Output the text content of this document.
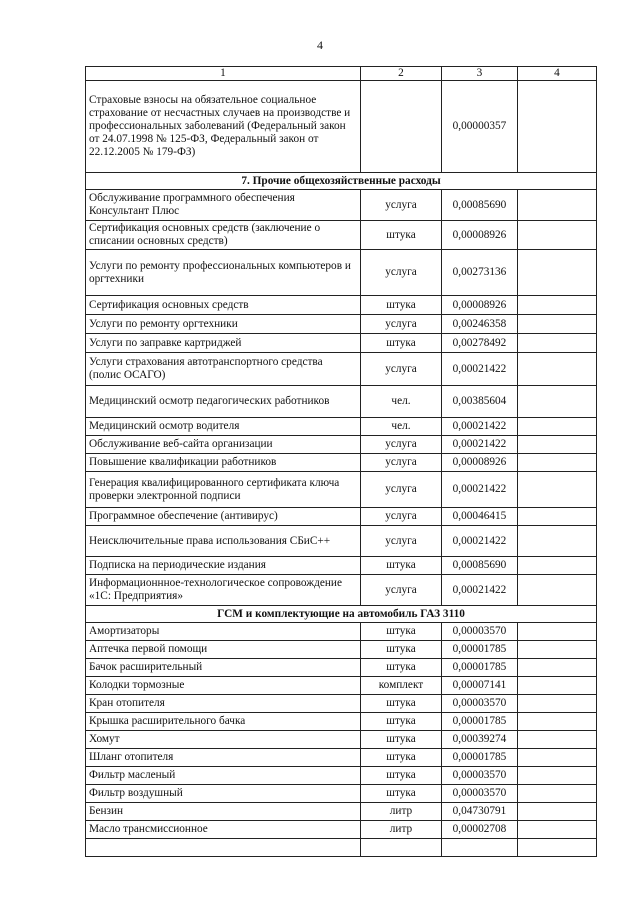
4
1	2	3	4
Страховые взносы на обязательное социальное страхование от несчастных случаев на производстве и профессиональных заболеваний (Федеральный закон от 24.07.1998 № 125-ФЗ, Федеральный закон от 22.12.2005 № 179-ФЗ)		0,00000357	
7. Прочие общехозяйственные расходы			
Обслуживание программного обеспечения Консультант Плюс	услуга	0,00085690	
Сертификация основных средств (заключение о списании основных средств)	штука	0,00008926	
Услуги по ремонту профессиональных компьютеров и оргтехники	услуга	0,00273136	
Сертификация основных средств	штука	0,00008926	
Услуги по ремонту оргтехники	услуга	0,00246358	
Услуги по заправке картриджей	штука	0,00278492	
Услуги страхования автотранспортного средства (полис ОСАГО)	услуга	0,00021422	
Медицинский осмотр педагогических работников	чел.	0,00385604	
Медицинский осмотр водителя	чел.	0,00021422	
Обслуживание веб-сайта организации	услуга	0,00021422	
Повышение квалификации работников	услуга	0,00008926	
Генерация квалифицированного сертификата ключа проверки электронной подписи	услуга	0,00021422	
Программное обеспечение (антивирус)	услуга	0,00046415	
Неисключительные права использования СБиС++	услуга	0,00021422	
Подписка на периодические издания	штука	0,00085690	
Информационнное-технологическое сопровождение «1С: Предприятия»	услуга	0,00021422	
ГСМ и комплектующие на автомобиль ГАЗ 3110			
Амортизаторы	штука	0,00003570	
Аптечка первой помощи	штука	0,00001785	
Бачок расширительный	штука	0,00001785	
Колодки тормозные	комплект	0,00007141	
Кран отопителя	штука	0,00003570	
Крышка расширительного бачка	штука	0,00001785	
Хомут	штука	0,00039274	
Шланг отопителя	штука	0,00001785	
Фильтр масленый	штука	0,00003570	
Фильтр воздушный	штука	0,00003570	
Бензин	литр	0,04730791	
Масло трансмиссионное	литр	0,00002708	
